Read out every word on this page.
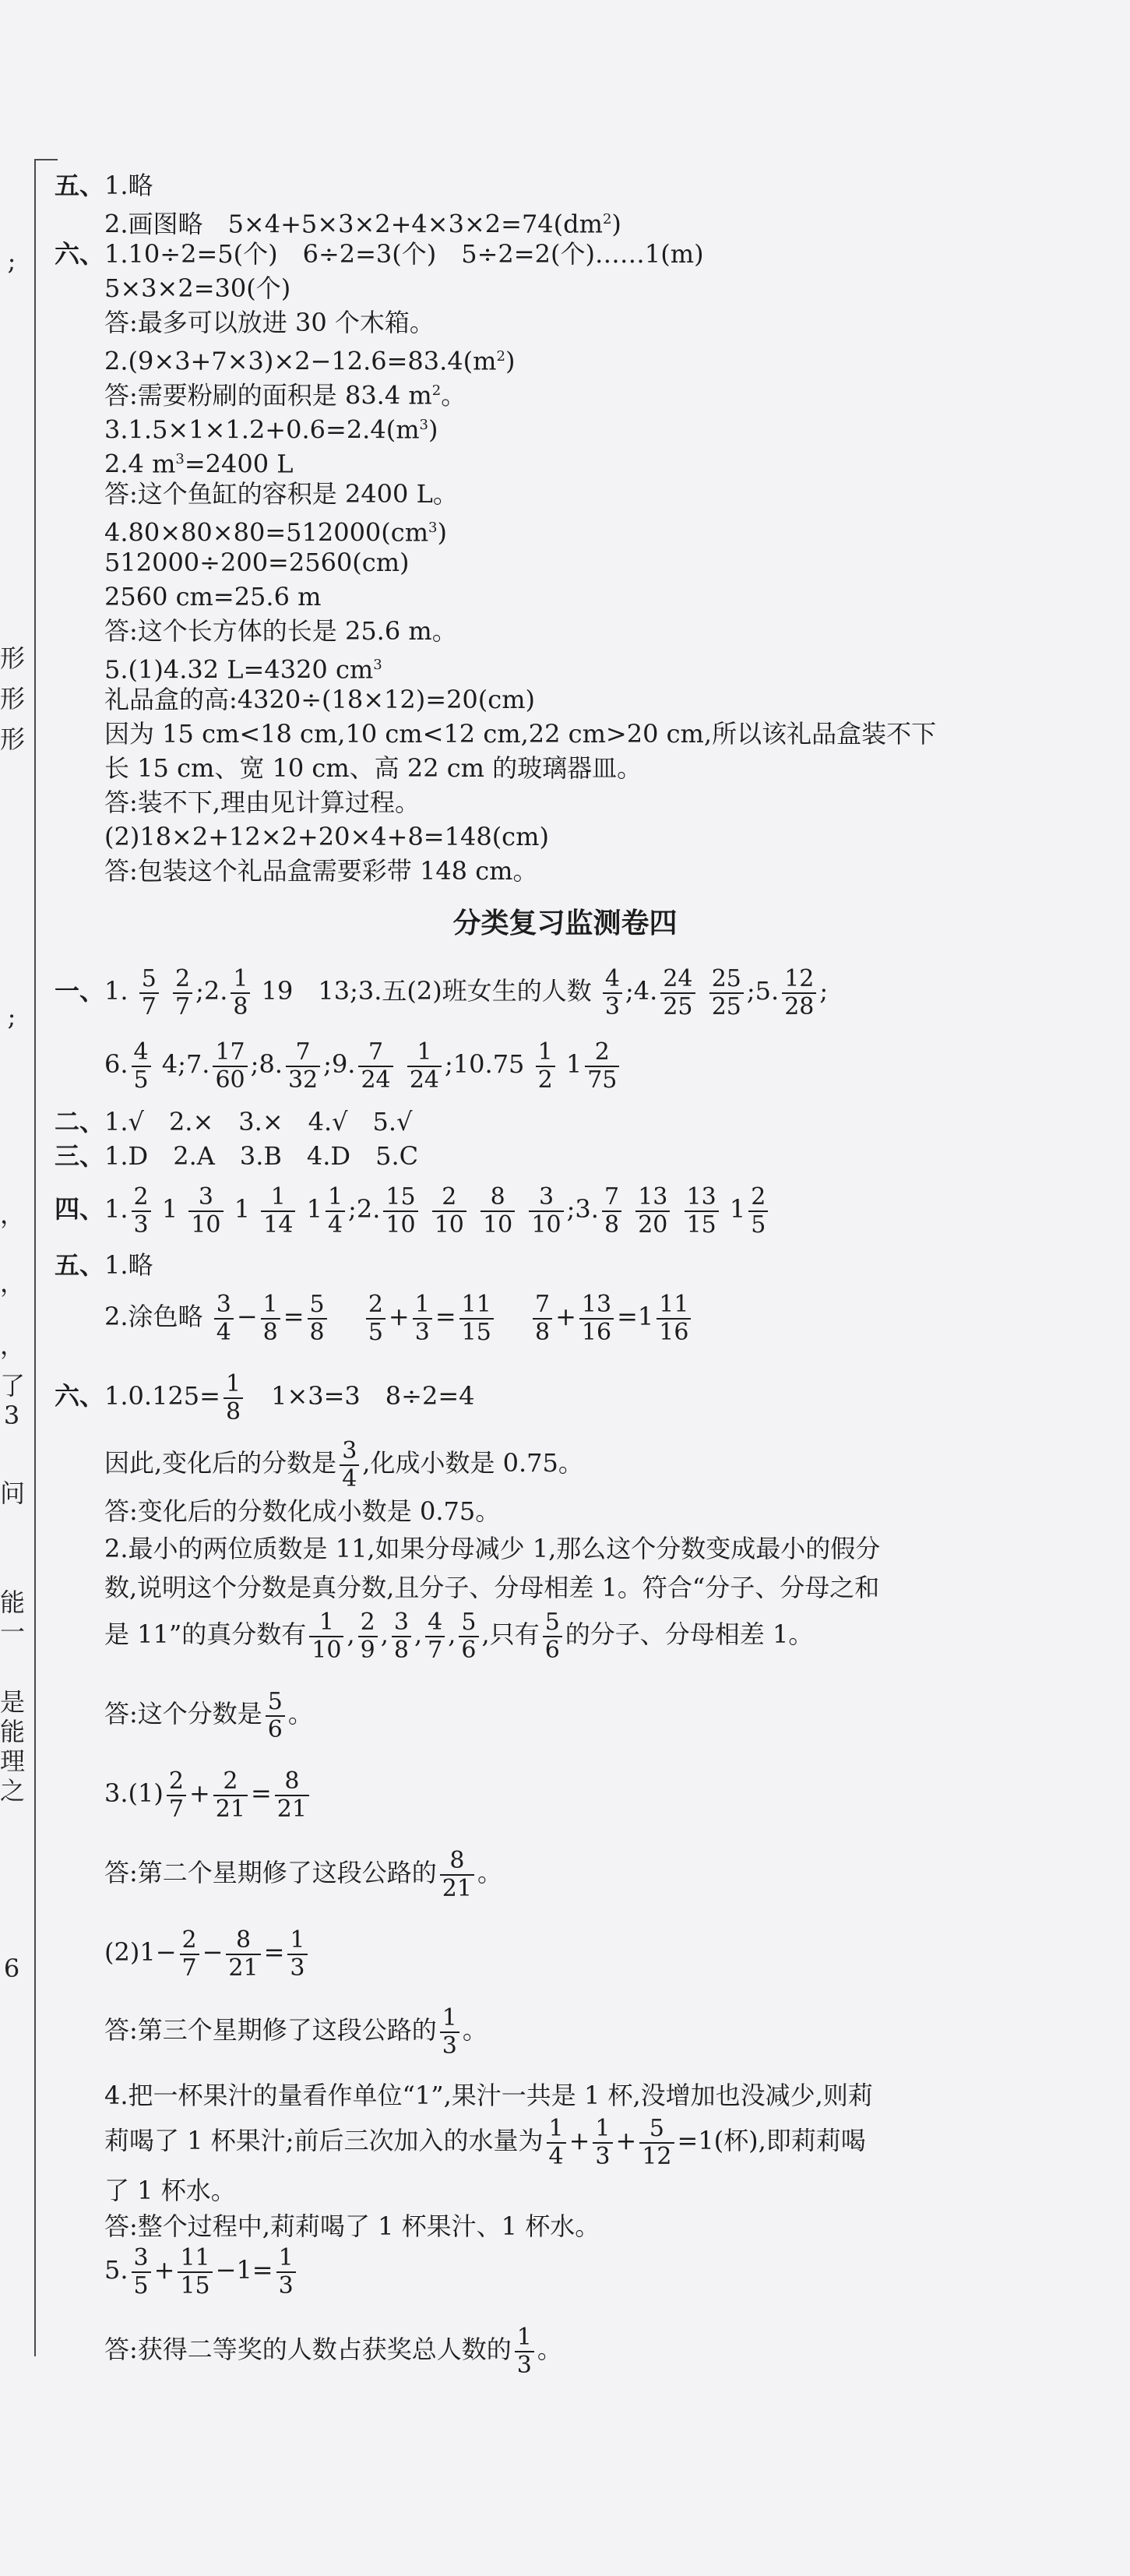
;
形
形
形
;
，
，
，
了
3
问
能
一
是
能
理
之
6
五、1.略
2.画图略　 $5\times 4+5\times 3\times 2+4\times 3\times 2=74(dm^2)$
六、1.10÷2=5(个)　6÷2=3(个)　5÷2=2(个)……1(m)
5×3×2=30(个)
答:最多可以放进 30 个木箱。
$2.(9\times 3+7\times 3)\times 2-12.6=83.4(m^2)$
答:需要粉刷的面积是 83.4 $m^2$。
$3.1.5\times 1\times 1.2+0.6=2.4(m^3)$
2.4 $m^3=2400$ L
答:这个鱼缸的容积是 2400 L。
$4.80\times 80\times 80=512000(cm^3)$
512000÷200=2560(cm)
2560 cm=25.6 m
答:这个长方体的长是 25.6 m。
5.(1)4.32 L=4320 $cm^3$
礼品盒的高:4320÷(18×12)=20(cm)
因为 15 cm<18 cm,10 cm<12 cm,22 cm>20 cm,所以该礼品盒装不下
长 15 cm、宽 10 cm、高 22 cm 的玻璃器皿。
答:装不下,理由见计算过程。
(2)18×2+12×2+20×4+8=148(cm)
答:包装这个礼品盒需要彩带 148 cm。
分类复习监测卷四
一、1. $\frac{5}{7}$
$\frac{2}{7}$ ;2. $\frac{1}{8} 19$　13;3.五(2)班女生的人数 $\frac{4}{3}$ ;4. $\frac{24}{25}$
$\frac{25}{25}$ ;5. $\frac{12}{28}$ ;
6. $\frac{4}{5}$ 4;7. $\frac{17}{60}$ ;8. $\frac{7}{32}$ ;9. $\frac{7}{24}$
$\frac{1}{24}$ ;10.75 $\frac{1}{2} 1 \frac{2}{75}$
二、1.√　2.×　3.×　4.√　5.√
三、1.D　2.A　3.B　4.D　5.C
四、1. $\frac{2}{3} 1 \frac{3}{10} 1 \frac{1}{14} 1 \frac{1}{4}$ ;2. $\frac{15}{10}$
$\frac{2}{10}$
$\frac{8}{10}$
$\frac{3}{10}$ ;3. $\frac{7}{8}$
$\frac{13}{20}$
$\frac{13}{15} 1 \frac{2}{5}$
五、1.略
2.涂色略 $\frac{3}{4} - \frac{1}{8} = \frac{5}{8}$
　 $\frac{2}{5} + \frac{1}{3} = \frac{11}{15}$
　 $\frac{7}{8} + \frac{13}{16} =1 \frac{11}{16}$
六、$1.0.125= \frac{1}{8}$
　 1×3=3　8÷2=4
因此,变化后的分数是 $\frac{3}{4}$ ,化成小数是 0.75。
答:变化后的分数化成小数是 0.75。
2.最小的两位质数是 11,如果分母减少 1,那么这个分数变成最小的假分
数,说明这个分数是真分数,且分子、分母相差 1。符合“分子、分母之和
是 11”的真分数有 $\frac{1}{10}$ , $\frac{2}{9}$ , $\frac{3}{8}$ , $\frac{4}{7}$ , $\frac{5}{6}$ ,只有 $\frac{5}{6}$ 的分子、分母相差 1。
答:这个分数是 $\frac{5}{6}$ 。
$3.(1) \frac{2}{7} + \frac{2}{21} = \frac{8}{21}$
答:第二个星期修了这段公路的 $\frac{8}{21}$ 。
$(2)1- \frac{2}{7} - \frac{8}{21} = \frac{1}{3}$
答:第三个星期修了这段公路的 $\frac{1}{3}$ 。
4.把一杯果汁的量看作单位“1”,果汁一共是 1 杯,没增加也没减少,则莉
莉喝了 1 杯果汁;前后三次加入的水量为 $\frac{1}{4} + \frac{1}{3} + \frac{5}{12} =1$(杯),即莉莉喝
了 1 杯水。
答:整个过程中,莉莉喝了 1 杯果汁、1 杯水。
5. $\frac{3}{5} + \frac{11}{15} -1= \frac{1}{3}$
答:获得二等奖的人数占获奖总人数的 $\frac{1}{3}$ 。
